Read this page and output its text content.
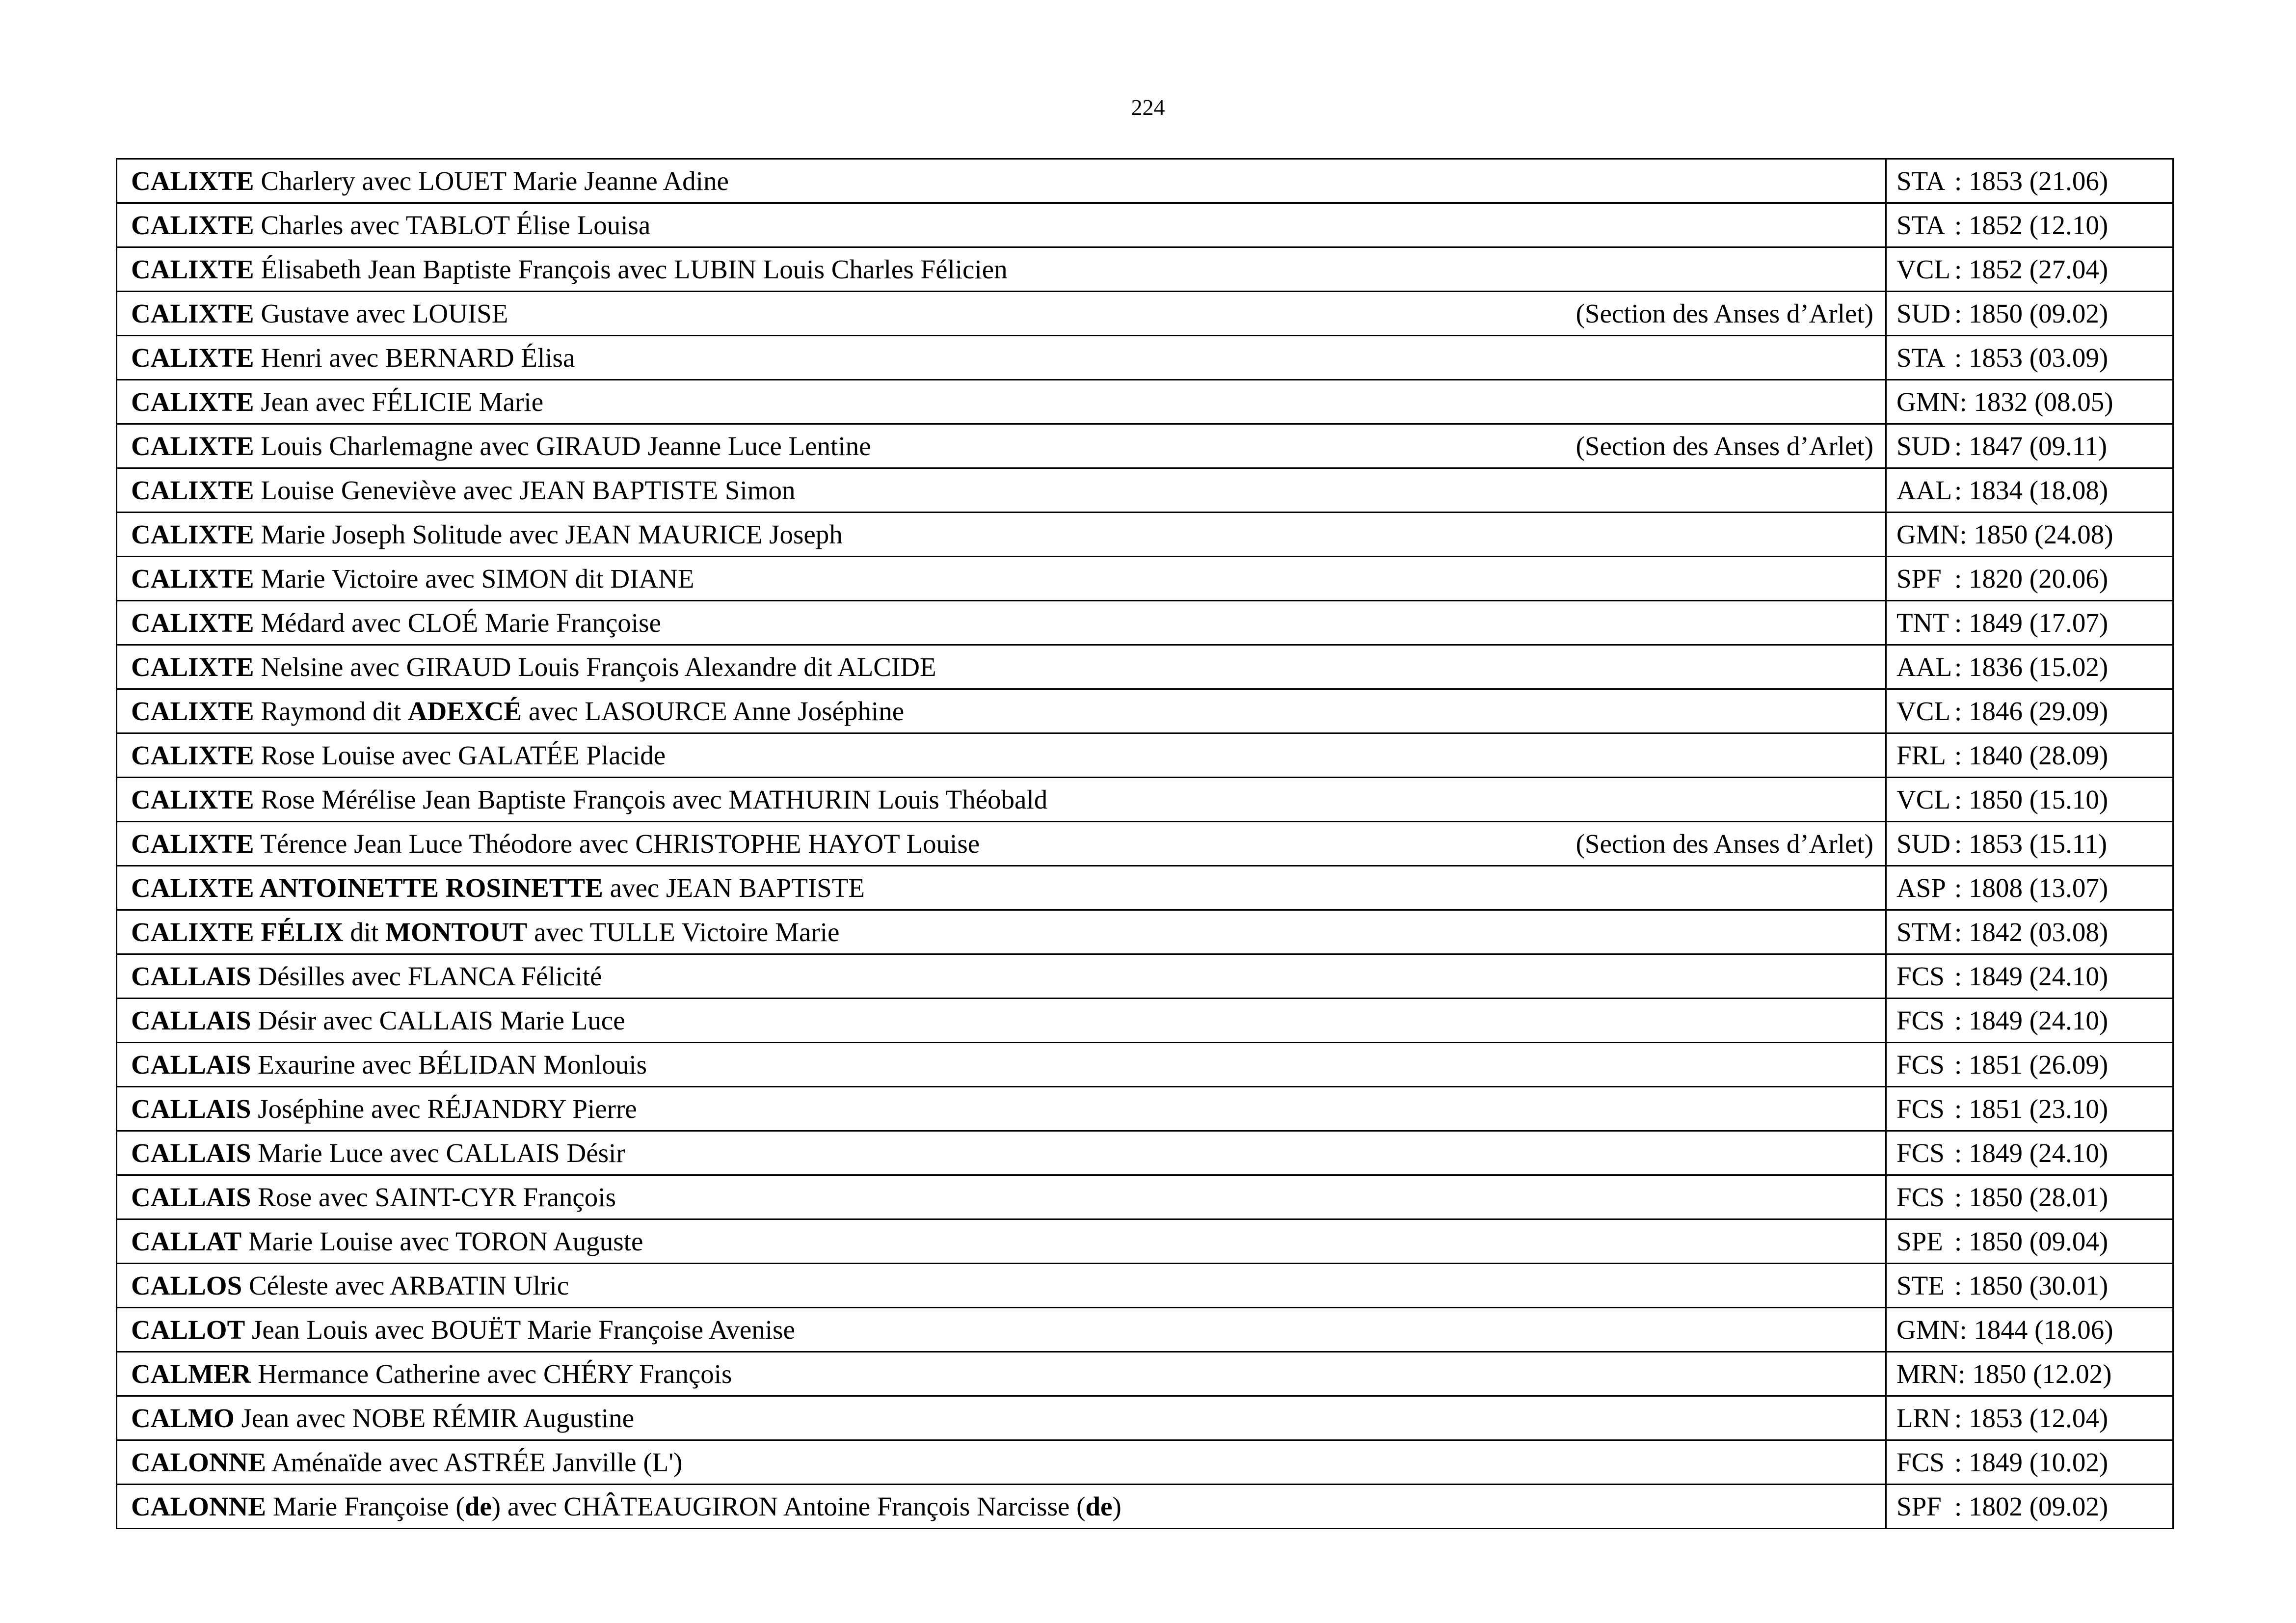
224
CALIXTE Charlery avec LOUET Marie Jeanne Adine	STA : 1853 (21.06)

CALIXTE Charles avec TABLOT Élise Louisa	STA : 1852 (12.10)

CALIXTE Élisabeth Jean Baptiste François avec LUBIN Louis Charles Félicien	VCL : 1852 (27.04)

CALIXTE Gustave avec LOUISE (Section des Anses d’Arlet)	SUD : 1850 (09.02)

CALIXTE Henri avec BERNARD Élisa	STA : 1853 (03.09)

CALIXTE Jean avec FÉLICIE Marie	GMN: 1832 (08.05)

CALIXTE Louis Charlemagne avec GIRAUD Jeanne Luce Lentine (Section des Anses d’Arlet)	SUD : 1847 (09.11)

CALIXTE Louise Geneviève avec JEAN BAPTISTE Simon	AAL: 1834 (18.08)

CALIXTE Marie Joseph Solitude avec JEAN MAURICE Joseph	GMN: 1850 (24.08)

CALIXTE Marie Victoire avec SIMON dit DIANE	SPF : 1820 (20.06)

CALIXTE Médard avec CLOÉ Marie Françoise	TNT : 1849 (17.07)

CALIXTE Nelsine avec GIRAUD Louis François Alexandre dit ALCIDE	AAL: 1836 (15.02)

CALIXTE Raymond dit ADEXCÉ avec LASOURCE Anne Joséphine	VCL : 1846 (29.09)

CALIXTE Rose Louise avec GALATÉE Placide	FRL : 1840 (28.09)

CALIXTE Rose Mérélise Jean Baptiste François avec MATHURIN Louis Théobald	VCL : 1850 (15.10)

CALIXTE Térence Jean Luce Théodore avec CHRISTOPHE HAYOT Louise (Section des Anses d’Arlet)	SUD : 1853 (15.11)

CALIXTE ANTOINETTE ROSINETTE avec JEAN BAPTISTE	ASP : 1808 (13.07)

CALIXTE FÉLIX dit MONTOUT avec TULLE Victoire Marie	STM: 1842 (03.08)

CALLAIS Désilles avec FLANCA Félicité	FCS : 1849 (24.10)

CALLAIS Désir avec CALLAIS Marie Luce	FCS : 1849 (24.10)

CALLAIS Exaurine avec BÉLIDAN Monlouis	FCS : 1851 (26.09)

CALLAIS Joséphine avec RÉJANDRY Pierre	FCS : 1851 (23.10)

CALLAIS Marie Luce avec CALLAIS Désir	FCS : 1849 (24.10)

CALLAIS Rose avec SAINT-CYR François	FCS : 1850 (28.01)

CALLAT Marie Louise avec TORON Auguste	SPE : 1850 (09.04)

CALLOS Céleste avec ARBATIN Ulric	STE : 1850 (30.01)

CALLOT Jean Louis avec BOUËT Marie Françoise Avenise	GMN: 1844 (18.06)

CALMER Hermance Catherine avec CHÉRY François	MRN: 1850 (12.02)

CALMO Jean avec NOBE RÉMIR Augustine	LRN : 1853 (12.04)

CALONNE Aménaïde avec ASTRÉE Janville (L')	FCS : 1849 (10.02)

CALONNE Marie Françoise (de) avec CHÂTEAUGIRON Antoine François Narcisse (de)	SPF : 1802 (09.02)
